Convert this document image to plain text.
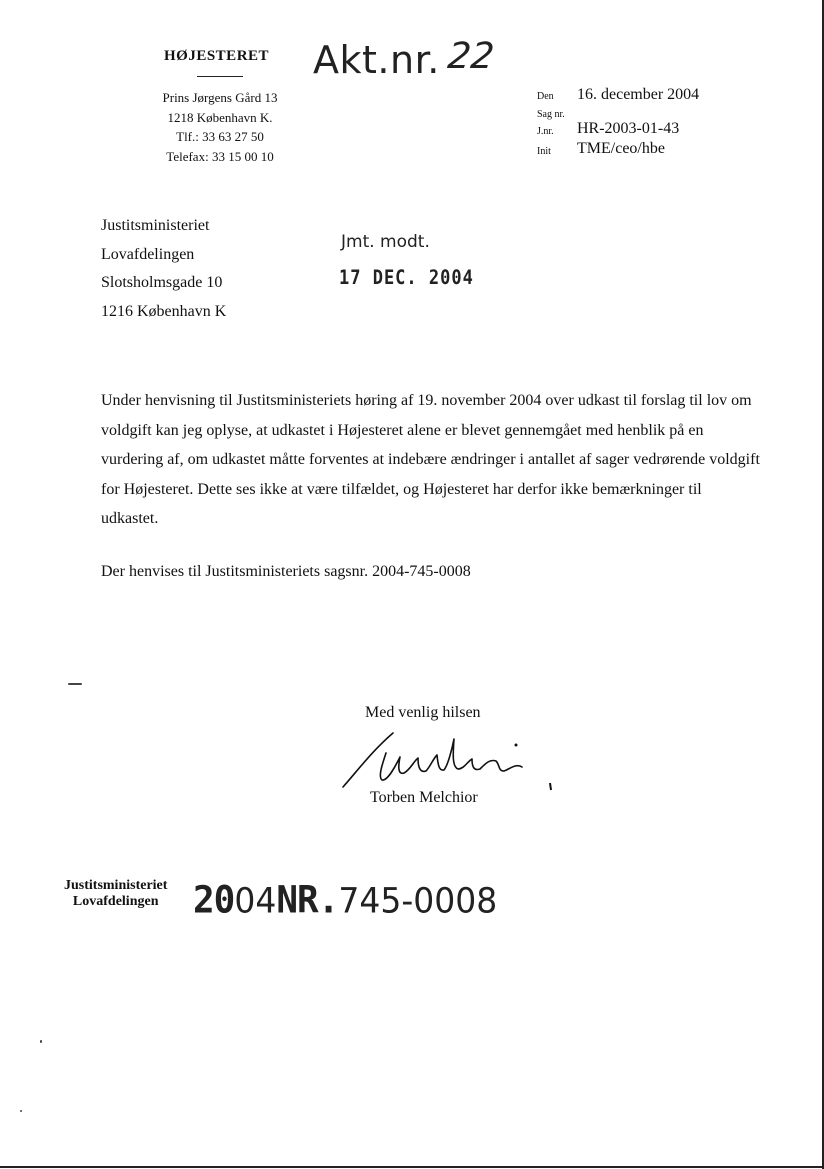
HØJESTERET
Prins Jørgens Gård 13
1218 København K.
Tlf.: 33 63 27 50
Telefax: 33 15 00 10
Akt.nr. 22
Den 16. december 2004
Sag nr.
J.nr. HR-2003-01-43
Init TME/ceo/hbe
Justitsministeriet
Lovafdelingen
Slotsholmsgade 10
1216 København K
Jmt. modt.
17 DEC. 2004
Under henvisning til Justitsministeriets høring af 19. november 2004 over udkast til forslag til lov om voldgift kan jeg oplyse, at udkastet i Højesteret alene er blevet gennemgået med henblik på en vurdering af, om udkastet måtte forventes at indebære ændringer i antallet af sager vedrørende voldgift for Højesteret. Dette ses ikke at være tilfældet, og Højesteret har derfor ikke bemærkninger til udkastet.
Der henvises til Justitsministeriets sagsnr. 2004-745-0008
Med venlig hilsen
Torben Melchior
Justitsministeriet
Lovafdelingen 2004NR.745-0008
